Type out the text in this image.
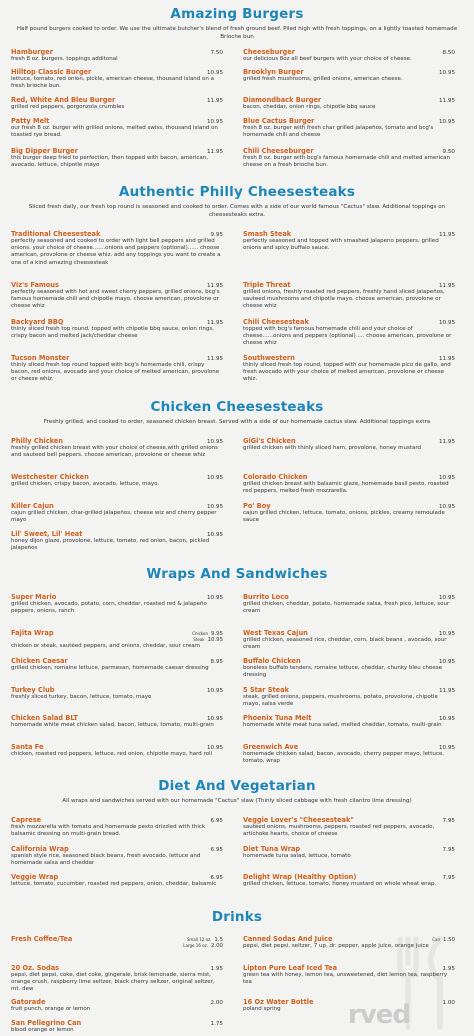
Amazing Burgers
Half pound burgers cooked to order. We use the ultimate butcher's blend of fresh ground beef. Piled high with fresh toppings, on a lightly toasted homemade Brioche bun
Hamburger	7.50
fresh 8 oz. burgers. toppings additonal
Cheeseburger	8.50
our delicious 8oz all beef burgers with your choice of cheese.
Hilltop Classic Burger	10.95
lettuce, tomato, red onion, pickle, american cheese, thousand island on a fresh brioche bun.
Brooklyn Burger	10.95
grilled fresh mushrooms, grilled onions, american cheese.
Red, White And Bleu Burger	11.95
grilled red peppers, gorgonzola crumbles
Diamondback Burger	11.95
bacon, cheddar, onion rings, chipotle bbq sauce
Patty Melt	10.95
our fresh 8 oz. burger with grilled onions, melted swiss, thousand island on toasted rye bread.
Blue Cactus Burger	10.95
fresh 8 oz. burger with fresh char grilled jalapeños, tomato and bcg's homemade chili and cheese
Big Dipper Burger	11.95
this burger deep fried to perfection, then topped with bacon, american, avocado, lettuce, chipotle mayo
Chili Cheeseburger	9.50
fresh 8 oz. burger with bcg's famous homemade chili and melted american cheese on a fresh brioche bun.
Authentic Philly Cheesesteaks
Sliced fresh daily, our fresh top round is seasoned and cooked to order. Comes with a side of our world famous "Cactus" slaw. Additional toppings on cheesesteaks extra.
Traditional Cheesesteak	9.95
perfectly seasoned and cooked to order with light bell peppers and grilled onions. your choice of cheese.......onions and peppers (optional)...... choose american, provolone or cheese whiz. add any toppings you want to create a one of a kind amazing cheesesteak
Smash Steak	11.95
perfectly seasoned and topped with smashed jalapeno peppers, grilled onions and spicy buffalo sauce.
Viz's Famous	11.95
perfectly seasoned with hot and sweet cherry peppers, grilled onions, bcg's famous homemade chili and chipotle mayo. choose american, provolone or cheese whiz
Triple Threat	11.95
grilled onions, freshly roasted red peppers, freshly hand sliced jalapeños, sauteed mushrooms and chipotle mayo. choose american, provolone or cheese whiz
Backyard BBQ	11.95
thinly sliced fresh top round, topped with chipotle bbq sauce, onion rings, crispy bacon and melted jack/cheddar cheese
Chili Cheesesteak	10.95
topped with bcg's famous homemade chili and your choice of cheese......onions and peppers (optional)..... choose american, provolone or cheese whiz
Tucson Monster	11.95
thinly sliced fresh top round topped with bcg's homemade chili, crispy bacon, red onions, avocado and your choice of melted american, provolone or cheese whiz.
Southwestern	11.95
thinly sliced fresh top round, topped with our homemade pico de gallo, and fresh avocado with your choice of melted american, provolone or cheese whiz.
Chicken Cheesesteaks
Freshly grilled, and cooked to order, seasoned chicken breast. Served with a side of our homemade cactus slaw. Additional toppings extra
Philly Chicken	10.95
freshly grilled chicken breast with your choice of cheese,with grilled onions and sauteed bell peppers. choose american, provolone or cheese whiz
GiGi's Chicken	11.95
grilled chicken with thinly sliced ham, provolone, honey mustard
Westchester Chicken	10.95
grilled chicken, crispy bacon, avocado, lettuce, mayo.
Colorado Chicken	10.95
grilled chicken breast with balsamic glaze, homemade basil pesto, roasted red peppers, melted fresh mozzarella.
Killer Cajun	10.95
cajun grilled chicken, char-grilled jalapeños, cheese wiz and cherry pepper mayo
Po' Boy	10.95
cajun grilled chicken, lettuce, tomato, onions, pickles, creamy remoulade sauce
Lil' Sweet, Lil' Heat	10.95
honey dijon glaze, provolone, lettuce, tomato, red onion, bacon, pickled jalapeños
Wraps And Sandwiches
Super Mario	10.95
grilled chicken, avocado, potato, corn, cheddar, roasted red & jalapeño peppers, onions, ranch
Burrito Loco	10.95
grilled chicken, cheddar, potato, homemade salsa, fresh pico, lettuce, sour cream
Fajita Wrap	Chicken 9.95
Steak 10.95
chicken or steak, sautéed peppers, and onions, cheddar, sour cream
West Texas Cajun	10.95
grilled chicken, seasoned rice, cheddar, corn, black beans , avocado, sour cream
Chicken Caesar	8.95
grilled chicken, romaine lettuce, parmesan, homemade caesar dressing
Buffalo Chicken	10.95
boneless buffalo tenders, romaine lettuce, cheddar, chunky bleu cheese dressing
Turkey Club	10.95
freshly sliced turkey, bacon, lettuce, tomato, mayo
5 Star Steak	11.95
steak, grilled onions, peppers, mushrooms, potato, provolone, chipotle mayo, salsa verde
Chicken Salad BLT	10.95
homemade white meat chicken salad, bacon, lettuce, tomato, multi-grain
Phoenix Tuna Melt	10.95
homemade white meat tuna salad, melted cheddar, tomato, multi-grain
Santa Fe	10.95
chicken, roasted red peppers, lettuce, red onion, chipotle mayo, hard roll
Greenwich Ave	10.95
homemade chicken salad, bacon, avocado, cherry pepper mayo, lettuce, tomato, wrap
Diet And Vegetarian
All wraps and sandwiches served with our homemade "Cactus" slaw (Thinly sliced cabbage with fresh cilantro lime dressing)
Caprese	6.95
fresh mozzarella with tomato and homemade pesto drizzled with thick balsamic dressing on multi-grain bread.
Veggie Lover's "Cheesesteak"	7.95
sautéed onions, mushrooms, peppers, roasted red peppers, avocado, artichoke hearts, choice of cheese
California Wrap	6.95
spanish style rice, seasoned black beans, fresh avocado, lettuce and homemade salsa and cheddar
Diet Tuna Wrap	7.95
homemade tuna salad, lettuce, tomato
Veggie Wrap	6.95
lettuce, tomato, cucumber, roasted red peppers, onion, cheddar, balsamic
Delight Wrap (Healthy Option)	7.95
grilled chicken, lettuce, tomato, honey mustard on whole wheat wrap.
Drinks
Fresh Coffee/Tea	Small 12 oz. 1.5
Large 16 oz. 2.00
Canned Sodas And Juice	Can 1.50
pepsi, diet pepsi, seltzer, 7 up, dr. pepper, apple juice, orange juice
20 Oz. Sodas	1.95
pepsi, diet pepsi, coke, diet coke, gingerale, brisk lemonade, sierra mist, orange crush, raspberry lime seltzer, black cherry seltzer, original seltzer, mt. dew
Lipton Pure Leaf Iced Tea	1.95
green tea with honey, lemon tea, unsweetened, diet lemon tea, raspberry tea
Gatorade	2.00
fruit punch, orange or lemon
16 Oz Water Bottle	1.00
poland spring
San Pellegrino Can	1.75
blood orange or lemon	rved
